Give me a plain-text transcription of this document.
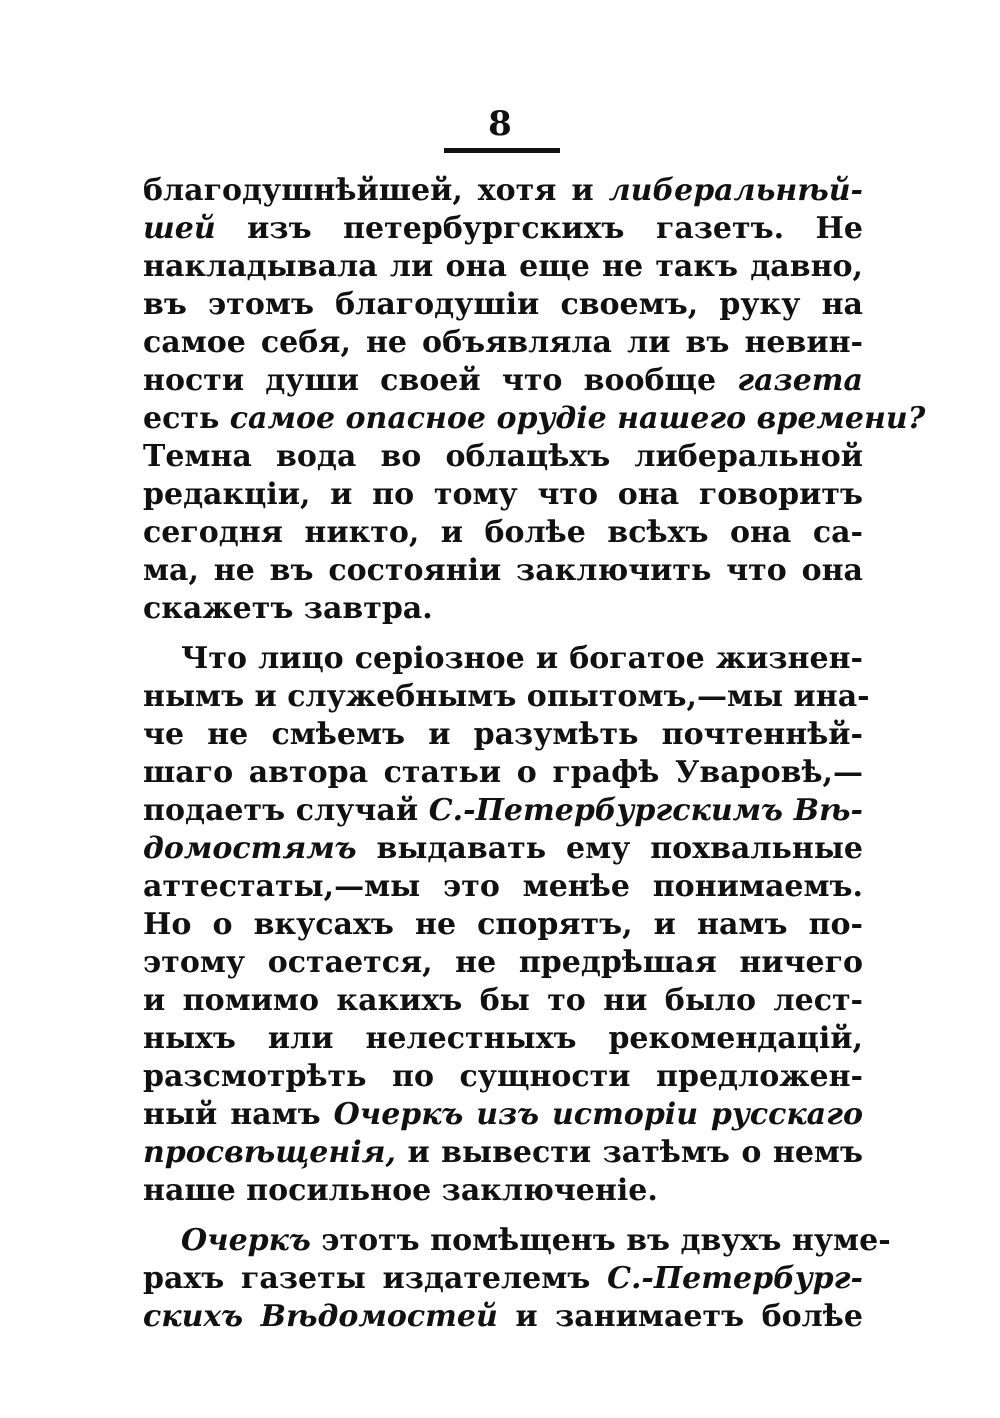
8
благодушнѣйшей, хотя и либеральнѣй-
шей изъ петербургскихъ газетъ. Не
накладывала ли она еще не такъ давно,
въ этомъ благодушіи своемъ, руку на
самое себя, не объявляла ли въ невин-
ности души своей что вообще газета
есть самое опасное орудіе нашего времени?
Темна вода во облацѣхъ либеральной
редакціи, и по тому что она говоритъ
сегодня никто, и болѣе всѣхъ она са-
ма, не въ состояніи заключить что она
скажетъ завтра.
Что лицо серіозное и богатое жизнен-
нымъ и служебнымъ опытомъ,—мы ина-
че не смѣемъ и разумѣть почтеннѣй-
шаго автора статьи о графѣ Уваровѣ,—
подаетъ случай С.-Петербургскимъ Вѣ-
домостямъ выдавать ему похвальные
аттестаты,—мы это менѣе понимаемъ.
Но о вкусахъ не спорятъ, и намъ по-
этому остается, не предрѣшая ничего
и помимо какихъ бы то ни было лест-
ныхъ или нелестныхъ рекомендацій,
разсмотрѣть по сущности предложен-
ный намъ Очеркъ изъ исторіи русскаго
просвѣщенія, и вывести затѣмъ о немъ
наше посильное заключеніе.
Очеркъ этотъ помѣщенъ въ двухъ нуме-
рахъ газеты издателемъ С.-Петербург-
скихъ Вѣдомостей и занимаетъ болѣе
